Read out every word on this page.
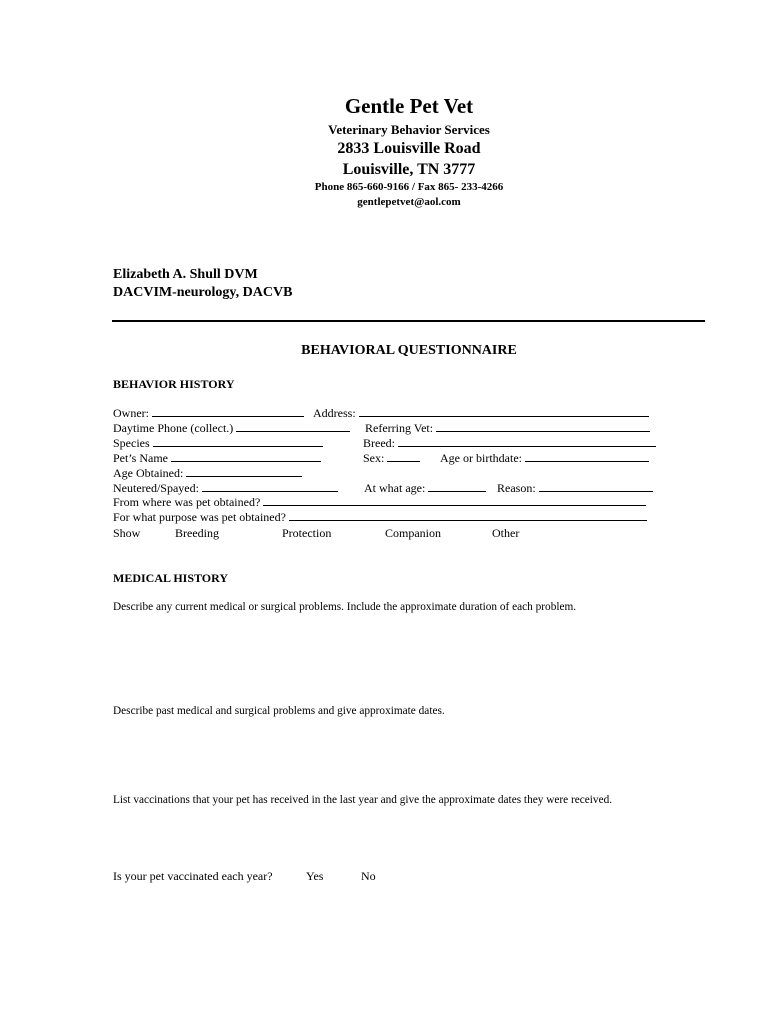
Gentle Pet Vet
Veterinary Behavior Services
2833 Louisville Road
Louisville, TN 3777
Phone 865-660-9166 / Fax 865- 233-4266
gentlepetvet@aol.com
Elizabeth A. Shull DVM
DACVIM-neurology, DACVB
BEHAVIORAL QUESTIONNAIRE
BEHAVIOR HISTORY
Owner:	Address:
Daytime Phone (collect.)	Referring Vet:
Species	Breed:
Pet’s Name	Sex:	Age or birthdate:
Age Obtained:
Neutered/Spayed:	At what age:	Reason:
From where was pet obtained?
For what purpose was pet obtained?
Show	Breeding	Protection	Companion	Other
MEDICAL HISTORY
Describe any current medical or surgical problems. Include the approximate duration of each problem.
Describe past medical and surgical problems and give approximate dates.
List vaccinations that your pet has received in the last year and give the approximate dates they were received.
Is your pet vaccinated each year?	Yes	No
